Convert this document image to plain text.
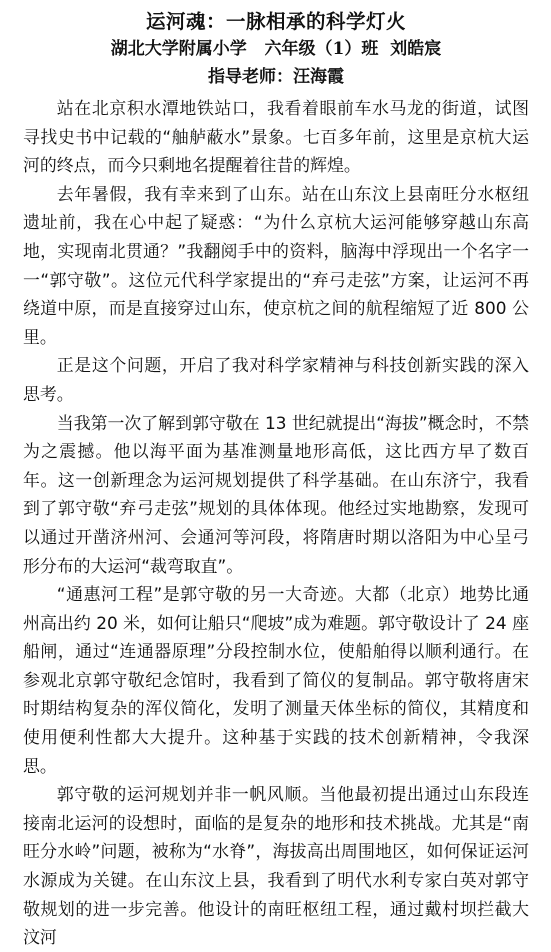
运河魂：一脉相承的科学灯火

湖北大学附属小学   六年级（1）班  刘皓宸

指导老师：汪海霞

站在北京积水潭地铁站口，我看着眼前车水马龙的街道，试图寻找史书中记载的“舳舻蔽水”景象。七百多年前，这里是京杭大运河的终点，而今只剩地名提醒着往昔的辉煌。

去年暑假，我有幸来到了山东。站在山东汶上县南旺分水枢纽遗址前，我在心中起了疑惑：“为什么京杭大运河能够穿越山东高地，实现南北贯通？”我翻阅手中的资料，脑海中浮现出一个名字一一“郭守敬”。这位元代科学家提出的“弃弓走弦”方案，让运河不再绕道中原，而是直接穿过山东，使京杭之间的航程缩短了近 800 公里。

正是这个问题，开启了我对科学家精神与科技创新实践的深入思考。

当我第一次了解到郭守敬在 13 世纪就提出“海拔”概念时，不禁为之震撼。他以海平面为基准测量地形高低，这比西方早了数百年。这一创新理念为运河规划提供了科学基础。在山东济宁，我看到了郭守敬“弃弓走弦”规划的具体体现。他经过实地勘察，发现可以通过开凿济州河、会通河等河段，将隋唐时期以洛阳为中心呈弓形分布的大运河“裁弯取直”。

“通惠河工程”是郭守敬的另一大奇迹。大都（北京）地势比通州高出约 20 米，如何让船只“爬坡”成为难题。郭守敬设计了 24 座船闸，通过“连通器原理”分段控制水位，使船舶得以顺利通行。在参观北京郭守敬纪念馆时，我看到了简仪的复制品。郭守敬将唐宋时期结构复杂的浑仪简化，发明了测量天体坐标的简仪，其精度和使用便利性都大大提升。这种基于实践的技术创新精神，令我深思。

郭守敬的运河规划并非一帆风顺。当他最初提出通过山东段连接南北运河的设想时，面临的是复杂的地形和技术挑战。尤其是“南旺分水岭”问题，被称为“水脊”，海拔高出周围地区，如何保证运河水源成为关键。在山东汶上县，我看到了明代水利专家白英对郭守敬规划的进一步完善。他设计的南旺枢纽工程，通过戴村坝拦截大汶河
